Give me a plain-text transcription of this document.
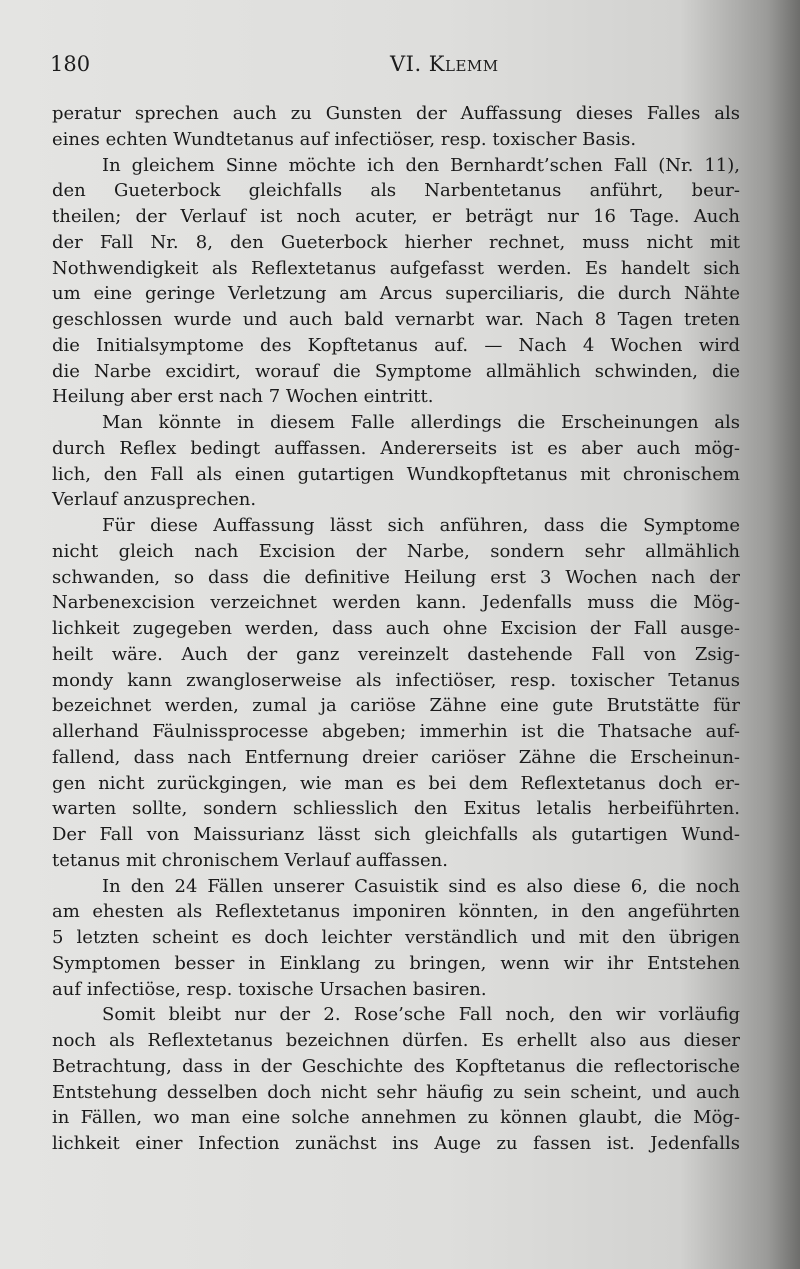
180	VI. Klemm

peratur sprechen auch zu Gunsten der Auffassung dieses Falles als

eines echten Wundtetanus auf infectiöser, resp. toxischer Basis.

In gleichem Sinne möchte ich den Bernhardt’schen Fall (Nr. 11),

den Gueterbock gleichfalls als Narbentetanus anführt, beur-

theilen; der Verlauf ist noch acuter, er beträgt nur 16 Tage. Auch

der Fall Nr. 8, den Gueterbock hierher rechnet, muss nicht mit

Nothwendigkeit als Reflextetanus aufgefasst werden. Es handelt sich

um eine geringe Verletzung am Arcus superciliaris, die durch Nähte

geschlossen wurde und auch bald vernarbt war. Nach 8 Tagen treten

die Initialsymptome des Kopftetanus auf. — Nach 4 Wochen wird

die Narbe excidirt, worauf die Symptome allmählich schwinden, die

Heilung aber erst nach 7 Wochen eintritt.

Man könnte in diesem Falle allerdings die Erscheinungen als

durch Reflex bedingt auffassen. Andererseits ist es aber auch mög-

lich, den Fall als einen gutartigen Wundkopftetanus mit chronischem

Verlauf anzusprechen.

Für diese Auffassung lässt sich anführen, dass die Symptome

nicht gleich nach Excision der Narbe, sondern sehr allmählich

schwanden, so dass die definitive Heilung erst 3 Wochen nach der

Narbenexcision verzeichnet werden kann. Jedenfalls muss die Mög-

lichkeit zugegeben werden, dass auch ohne Excision der Fall ausge-

heilt wäre. Auch der ganz vereinzelt dastehende Fall von Zsig-

mondy kann zwangloserweise als infectiöser, resp. toxischer Tetanus

bezeichnet werden, zumal ja cariöse Zähne eine gute Brutstätte für

allerhand Fäulnissprocesse abgeben; immerhin ist die Thatsache auf-

fallend, dass nach Entfernung dreier cariöser Zähne die Erscheinun-

gen nicht zurückgingen, wie man es bei dem Reflextetanus doch er-

warten sollte, sondern schliesslich den Exitus letalis herbeiführten.

Der Fall von Maissurianz lässt sich gleichfalls als gutartigen Wund-

tetanus mit chronischem Verlauf auffassen.

In den 24 Fällen unserer Casuistik sind es also diese 6, die noch

am ehesten als Reflextetanus imponiren könnten, in den angeführten

5 letzten scheint es doch leichter verständlich und mit den übrigen

Symptomen besser in Einklang zu bringen, wenn wir ihr Entstehen

auf infectiöse, resp. toxische Ursachen basiren.

Somit bleibt nur der 2. Rose’sche Fall noch, den wir vorläufig

noch als Reflextetanus bezeichnen dürfen. Es erhellt also aus dieser

Betrachtung, dass in der Geschichte des Kopftetanus die reflectorische

Entstehung desselben doch nicht sehr häufig zu sein scheint, und auch

in Fällen, wo man eine solche annehmen zu können glaubt, die Mög-

lichkeit einer Infection zunächst ins Auge zu fassen ist. Jedenfalls
